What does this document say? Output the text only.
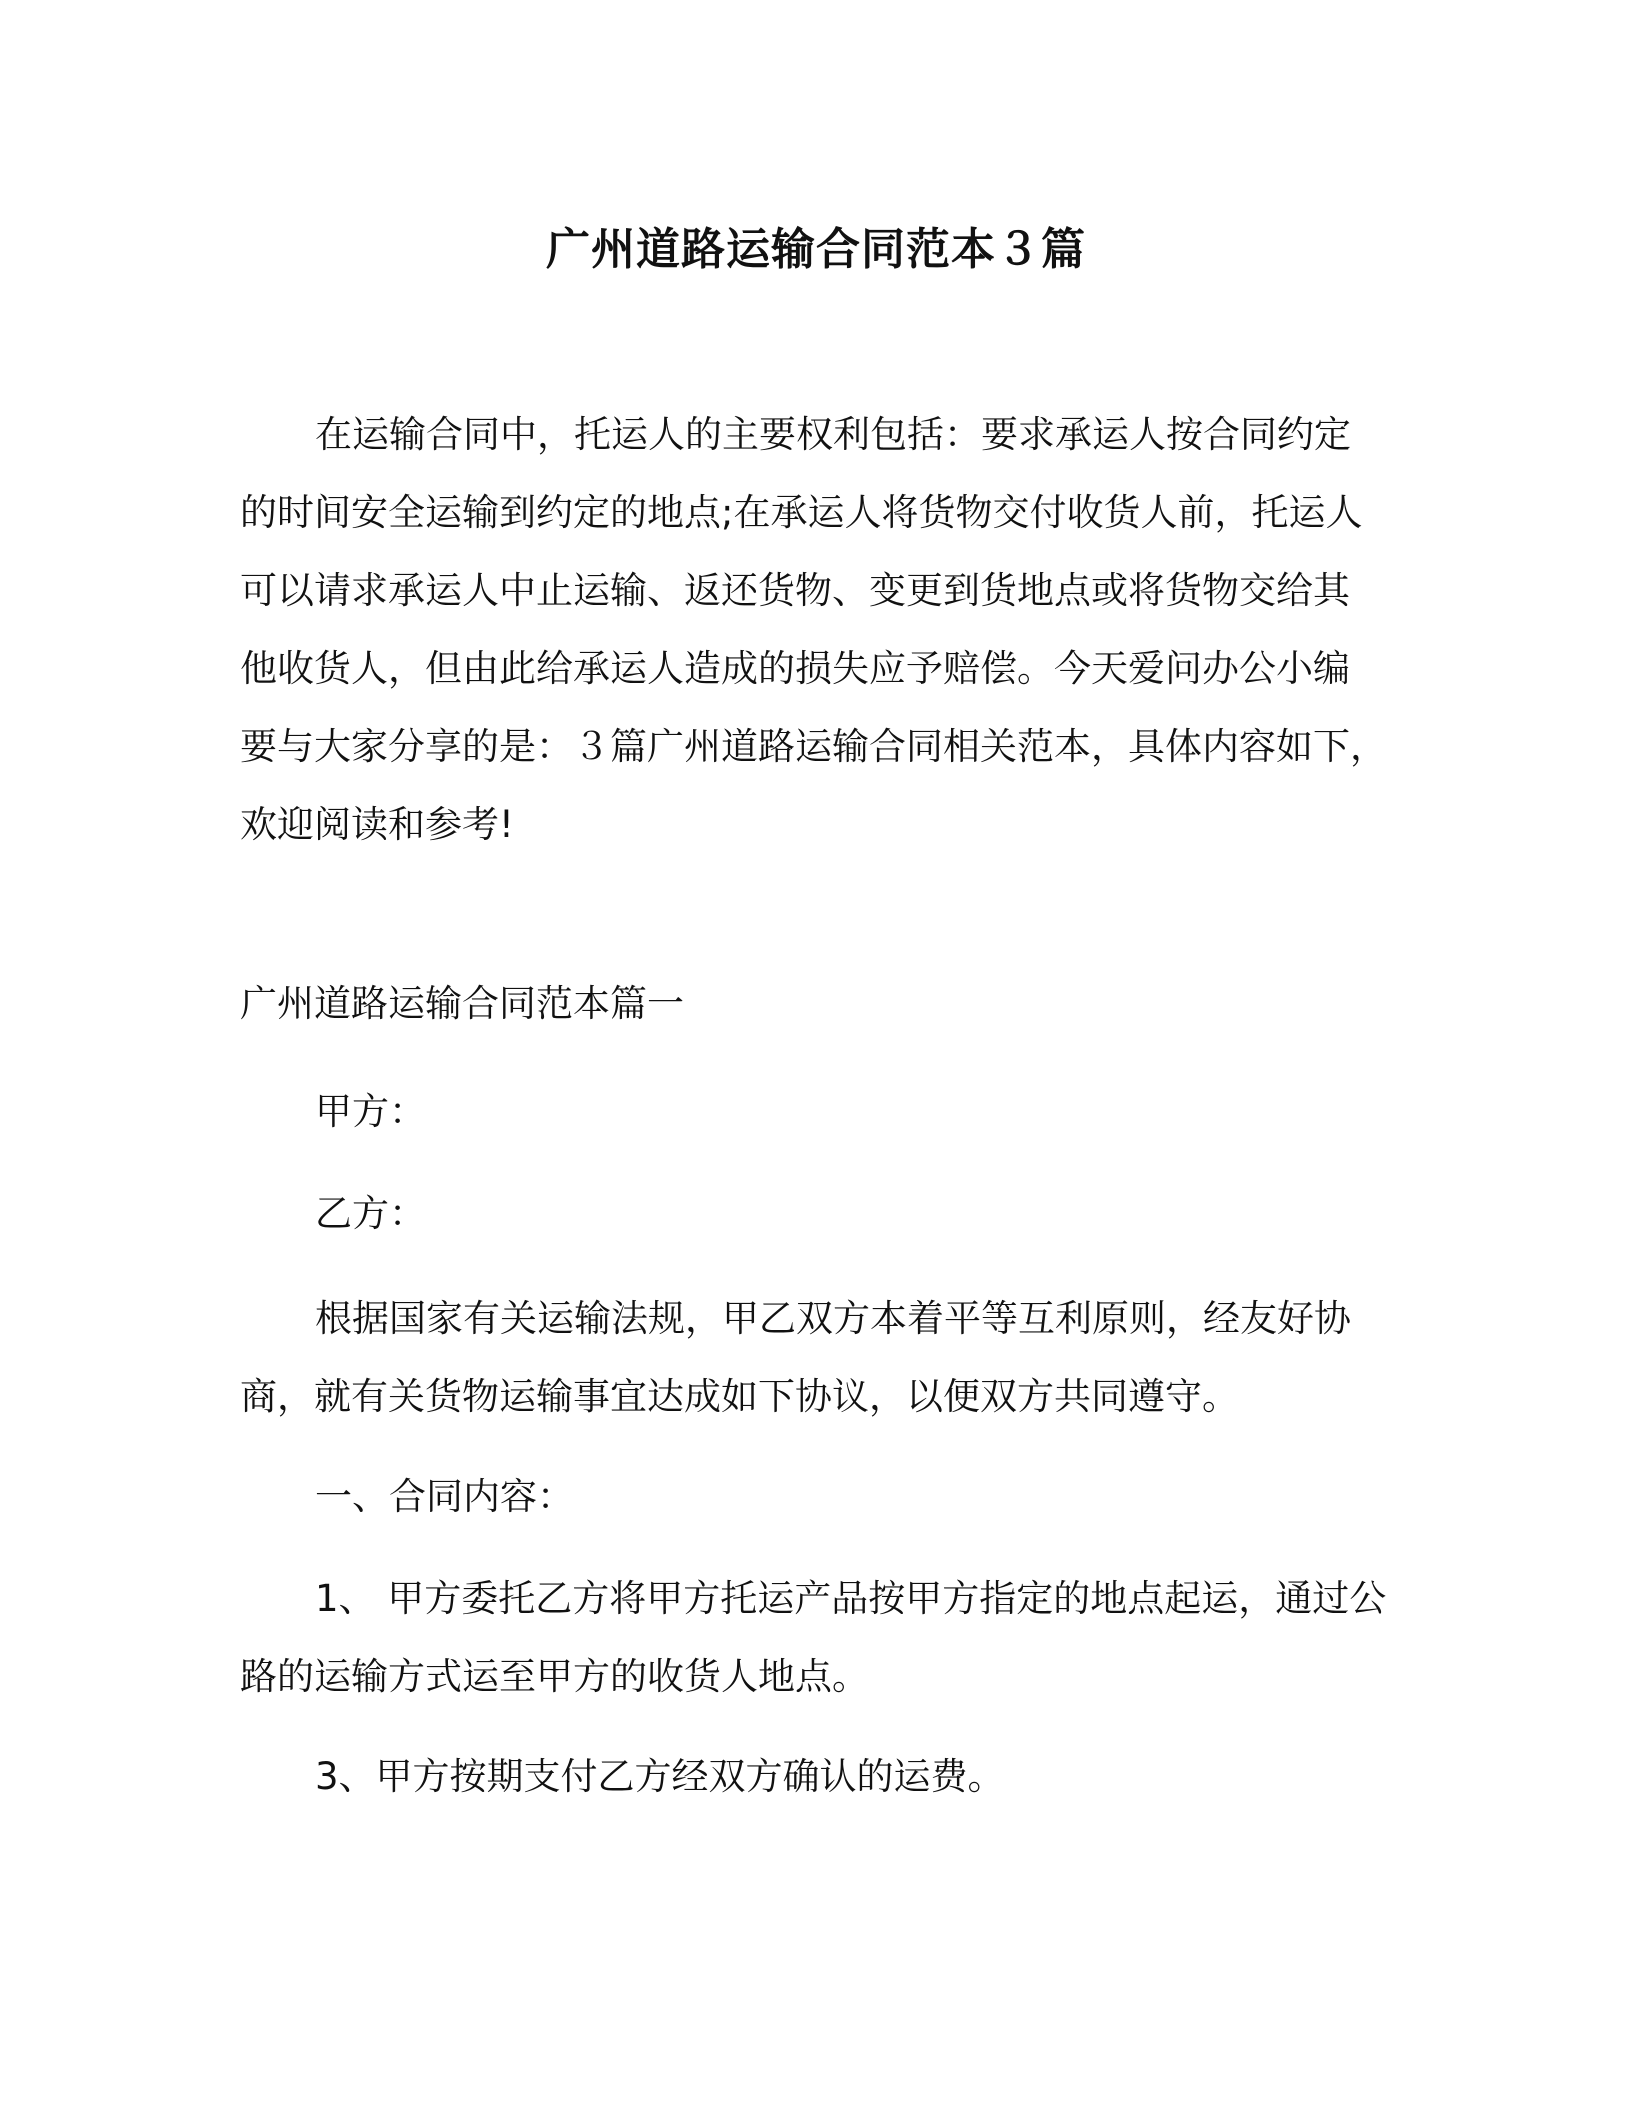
广州道路运输合同范本３篇
在运输合同中，托运人的主要权利包括：要求承运人按合同约定
的时间安全运输到约定的地点;在承运人将货物交付收货人前，托运人
可以请求承运人中止运输、返还货物、变更到货地点或将货物交给其
他收货人，但由此给承运人造成的损失应予赔偿。今天爱问办公小编
要与大家分享的是：３篇广州道路运输合同相关范本，具体内容如下，
欢迎阅读和参考!
广州道路运输合同范本篇一
甲方：
乙方：
根据国家有关运输法规，甲乙双方本着平等互利原则，经友好协
商，就有关货物运输事宜达成如下协议，以便双方共同遵守。
一、合同内容：
1、 甲方委托乙方将甲方托运产品按甲方指定的地点起运，通过公
路的运输方式运至甲方的收货人地点。
3、甲方按期支付乙方经双方确认的运费。
